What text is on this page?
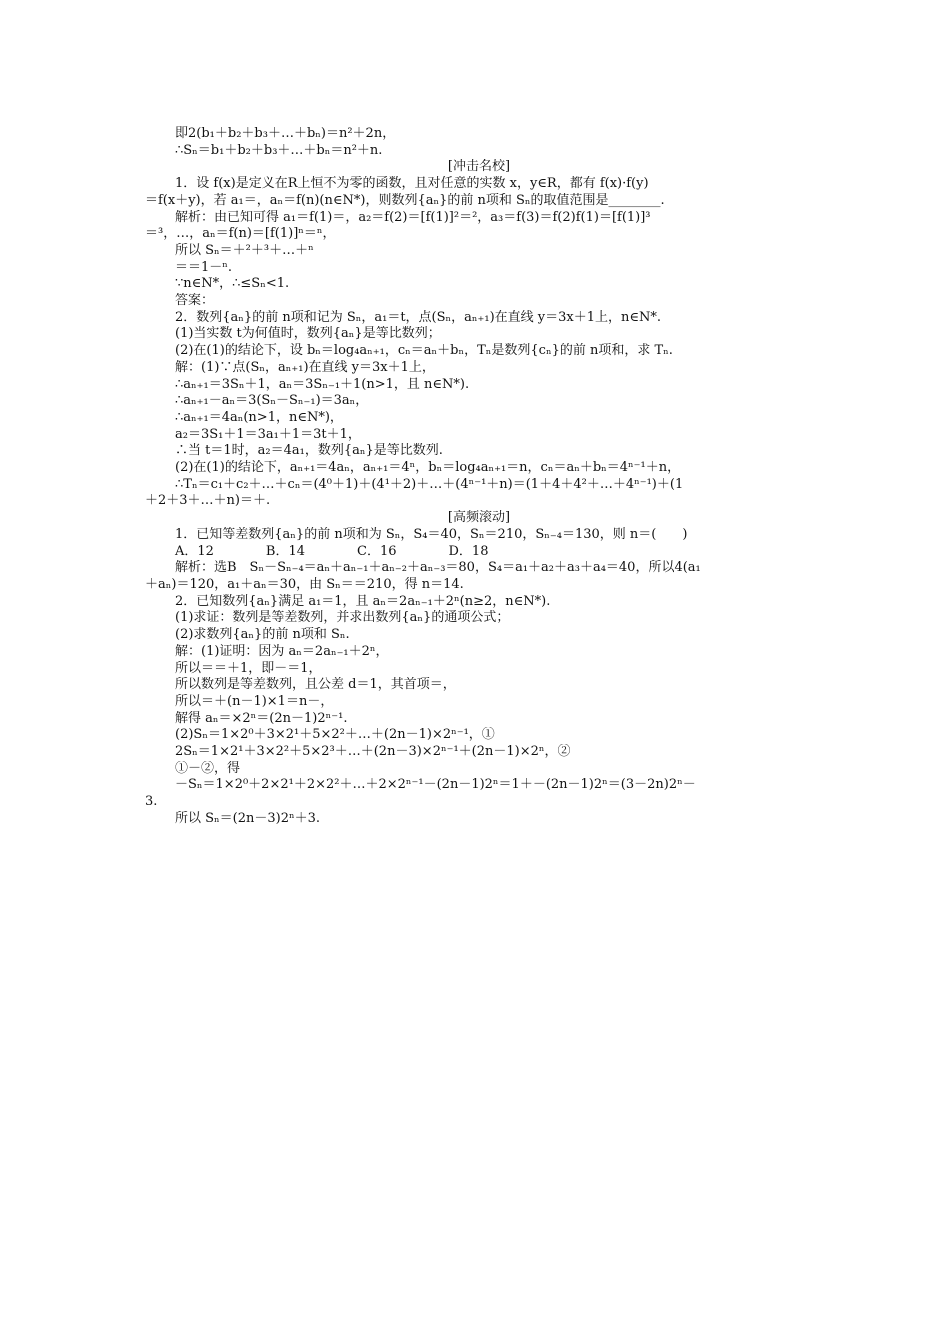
即2(b₁＋b₂＋b₃＋…＋bₙ)＝n²＋2n，

∴Sₙ＝b₁＋b₂＋b₃＋…＋bₙ＝n²＋n.

[冲击名校]

1．设 f(x)是定义在R上恒不为零的函数，且对任意的实数 x，y∈R，都有 f(x)·f(y)

＝f(x＋y)，若 a₁＝，aₙ＝f(n)(n∈N*)，则数列{aₙ}的前 n项和 Sₙ的取值范围是________.

解析：由已知可得 a₁＝f(1)＝，a₂＝f(2)＝[f(1)]²＝²，a₃＝f(3)＝f(2)f(1)＝[f(1)]³

＝³，…，aₙ＝f(n)＝[f(1)]ⁿ＝ⁿ，

所以 Sₙ＝＋²＋³＋…＋ⁿ

＝＝1－ⁿ.

∵n∈N*，∴≤Sₙ<1.

答案：

2．数列{aₙ}的前 n项和记为 Sₙ，a₁＝t，点(Sₙ，aₙ₊₁)在直线 y＝3x＋1上，n∈N*.

(1)当实数 t为何值时，数列{aₙ}是等比数列；

(2)在(1)的结论下，设 bₙ＝log₄aₙ₊₁，cₙ＝aₙ＋bₙ，Tₙ是数列{cₙ}的前 n项和，求 Tₙ.

解：(1)∵点(Sₙ，aₙ₊₁)在直线 y＝3x＋1上，

∴aₙ₊₁＝3Sₙ＋1，aₙ＝3Sₙ₋₁＋1(n>1，且 n∈N*).

∴aₙ₊₁－aₙ＝3(Sₙ－Sₙ₋₁)＝3aₙ，

∴aₙ₊₁＝4aₙ(n>1，n∈N*)，

a₂＝3S₁＋1＝3a₁＋1＝3t＋1，

∴当 t＝1时，a₂＝4a₁，数列{aₙ}是等比数列.

(2)在(1)的结论下，aₙ₊₁＝4aₙ，aₙ₊₁＝4ⁿ，bₙ＝log₄aₙ₊₁＝n，cₙ＝aₙ＋bₙ＝4ⁿ⁻¹＋n，

∴Tₙ＝c₁＋c₂＋…＋cₙ＝(4⁰＋1)＋(4¹＋2)＋…＋(4ⁿ⁻¹＋n)＝(1＋4＋4²＋…＋4ⁿ⁻¹)＋(1

＋2＋3＋…＋n)＝＋.

[高频滚动]

1．已知等差数列{aₙ}的前 n项和为 Sₙ，S₄＝40，Sₙ＝210，Sₙ₋₄＝130，则 n＝(　　)

A．12　　　　B．14　　　　C．16　　　　D．18

解析：选B　Sₙ－Sₙ₋₄＝aₙ＋aₙ₋₁＋aₙ₋₂＋aₙ₋₃＝80，S₄＝a₁＋a₂＋a₃＋a₄＝40，所以4(a₁

＋aₙ)＝120，a₁＋aₙ＝30，由 Sₙ＝＝210，得 n＝14.

2．已知数列{aₙ}满足 a₁＝1，且 aₙ＝2aₙ₋₁＋2ⁿ(n≥2，n∈N*).

(1)求证：数列是等差数列，并求出数列{aₙ}的通项公式；

(2)求数列{aₙ}的前 n项和 Sₙ.

解：(1)证明：因为 aₙ＝2aₙ₋₁＋2ⁿ，

所以＝＝＋1，即－＝1，

所以数列是等差数列，且公差 d＝1，其首项＝，

所以＝＋(n－1)×1＝n－，

解得 aₙ＝×2ⁿ＝(2n－1)2ⁿ⁻¹.

(2)Sₙ＝1×2⁰＋3×2¹＋5×2²＋…＋(2n－1)×2ⁿ⁻¹，①

2Sₙ＝1×2¹＋3×2²＋5×2³＋…＋(2n－3)×2ⁿ⁻¹＋(2n－1)×2ⁿ，②

①－②，得

－Sₙ＝1×2⁰＋2×2¹＋2×2²＋…＋2×2ⁿ⁻¹－(2n－1)2ⁿ＝1＋－(2n－1)2ⁿ＝(3－2n)2ⁿ－

3.

所以 Sₙ＝(2n－3)2ⁿ＋3.
